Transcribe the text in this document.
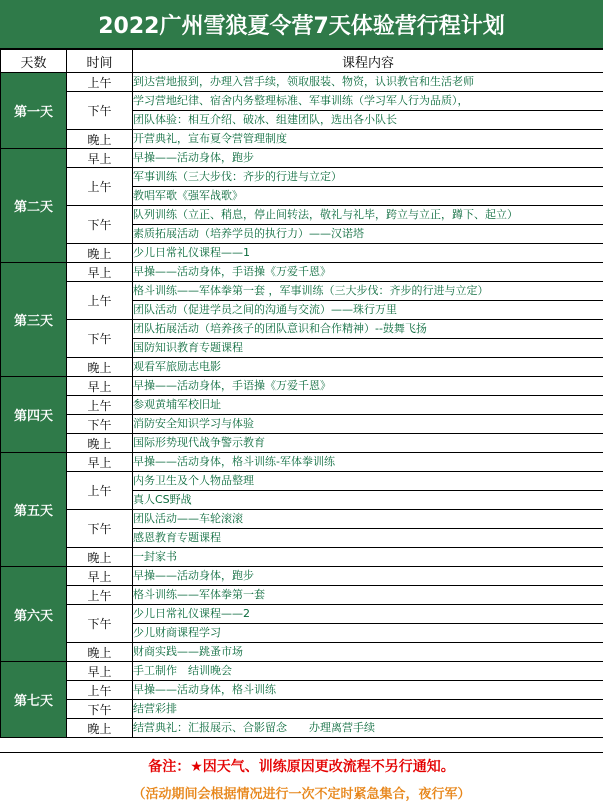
2022广州雪狼夏令营7天体验营行程计划
天数	时间	课程内容
第一天	上午	到达营地报到，办理入营手续，领取服装、物资，认识教官和生活老师
	下午	学习营地纪律、宿舍内务整理标准、军事训练（学习军人行为品质），
		团队体验：相互介绍、破冰、组建团队，选出各小队长
	晚上	开营典礼，宣布夏令营管理制度
第二天	早上	早操——活动身体，跑步
	上午	军事训练（三大步伐：齐步的行进与立定）
		教唱军歌《强军战歌》
	下午	队列训练（立正、稍息，停止间转法，敬礼与礼毕，跨立与立正，蹲下、起立）
		素质拓展活动（培养学员的执行力）——汉诺塔
	晚上	少儿日常礼仪课程——1
第三天	早上	早操——活动身体，手语操《万爱千恩》
	上午	格斗训练——军体拳第一套 ，军事训练（三大步伐：齐步的行进与立定）
		团队活动（促进学员之间的沟通与交流）——珠行万里
	下午	团队拓展活动（培养孩子的团队意识和合作精神）--鼓舞飞扬
		国防知识教育专题课程
	晚上	观看军旅励志电影
第四天	早上	早操——活动身体，手语操《万爱千恩》
	上午	参观黄埔军校旧址
	下午	消防安全知识学习与体验
	晚上	国际形势现代战争警示教育
第五天	早上	早操——活动身体，格斗训练-军体拳训练
	上午	内务卫生及个人物品整理
		真人CS野战
	下午	团队活动——车轮滚滚
		感恩教育专题课程
	晚上	一封家书
第六天	早上	早操——活动身体，跑步
	上午	格斗训练——军体拳第一套
	下午	少儿日常礼仪课程——2
		少儿财商课程学习
	晚上	财商实践——跳蚤市场
第七天	早上	手工制作　结训晚会
	上午	早操——活动身体，格斗训练
	下午	结营彩排
	晚上	结营典礼：汇报展示、合影留念　　办理离营手续
备注：★因天气、训练原因更改流程不另行通知。
（活动期间会根据情况进行一次不定时紧急集合，夜行军）
